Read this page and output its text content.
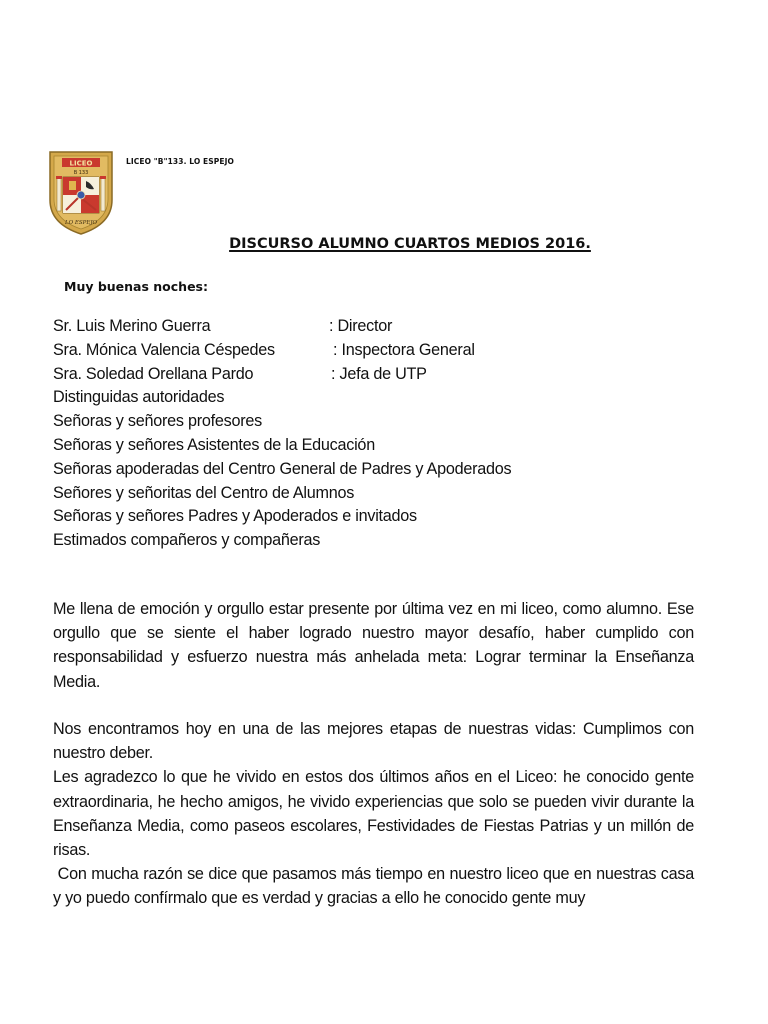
LICEO
B 133
LO ESPEJO
LICEO "B"133. LO ESPEJO
DISCURSO ALUMNO CUARTOS MEDIOS 2016.
Muy buenas noches:
Sr. Luis Merino Guerra	: Director
Sra. Mónica Valencia Céspedes	: Inspectora General
Sra. Soledad Orellana Pardo	: Jefa de UTP
Distinguidas autoridades
Señoras y señores profesores
Señoras y señores Asistentes de la Educación
Señoras apoderadas del Centro General de Padres y Apoderados
Señores y señoritas del Centro de Alumnos
Señoras y señores Padres y Apoderados e invitados
Estimados compañeros y compañeras

Me llena de emoción y orgullo estar presente por última vez en mi liceo, como alumno. Ese orgullo que se siente el haber logrado nuestro mayor desafío, haber cumplido con responsabilidad y esfuerzo nuestra más anhelada meta: Lograr terminar la Enseñanza Media.

Nos encontramos hoy en una de las mejores etapas de nuestras vidas: Cumplimos con nuestro deber.
Les agradezco lo que he vivido en estos dos últimos años en el Liceo: he conocido gente extraordinaria, he hecho amigos, he vivido experiencias que solo se pueden vivir durante la Enseñanza Media, como paseos escolares, Festividades de Fiestas Patrias y un millón de risas.
Con mucha razón se dice que pasamos más tiempo en nuestro liceo que en nuestras casa y yo puedo confírmalo que es verdad y gracias a ello he conocido gente muy
